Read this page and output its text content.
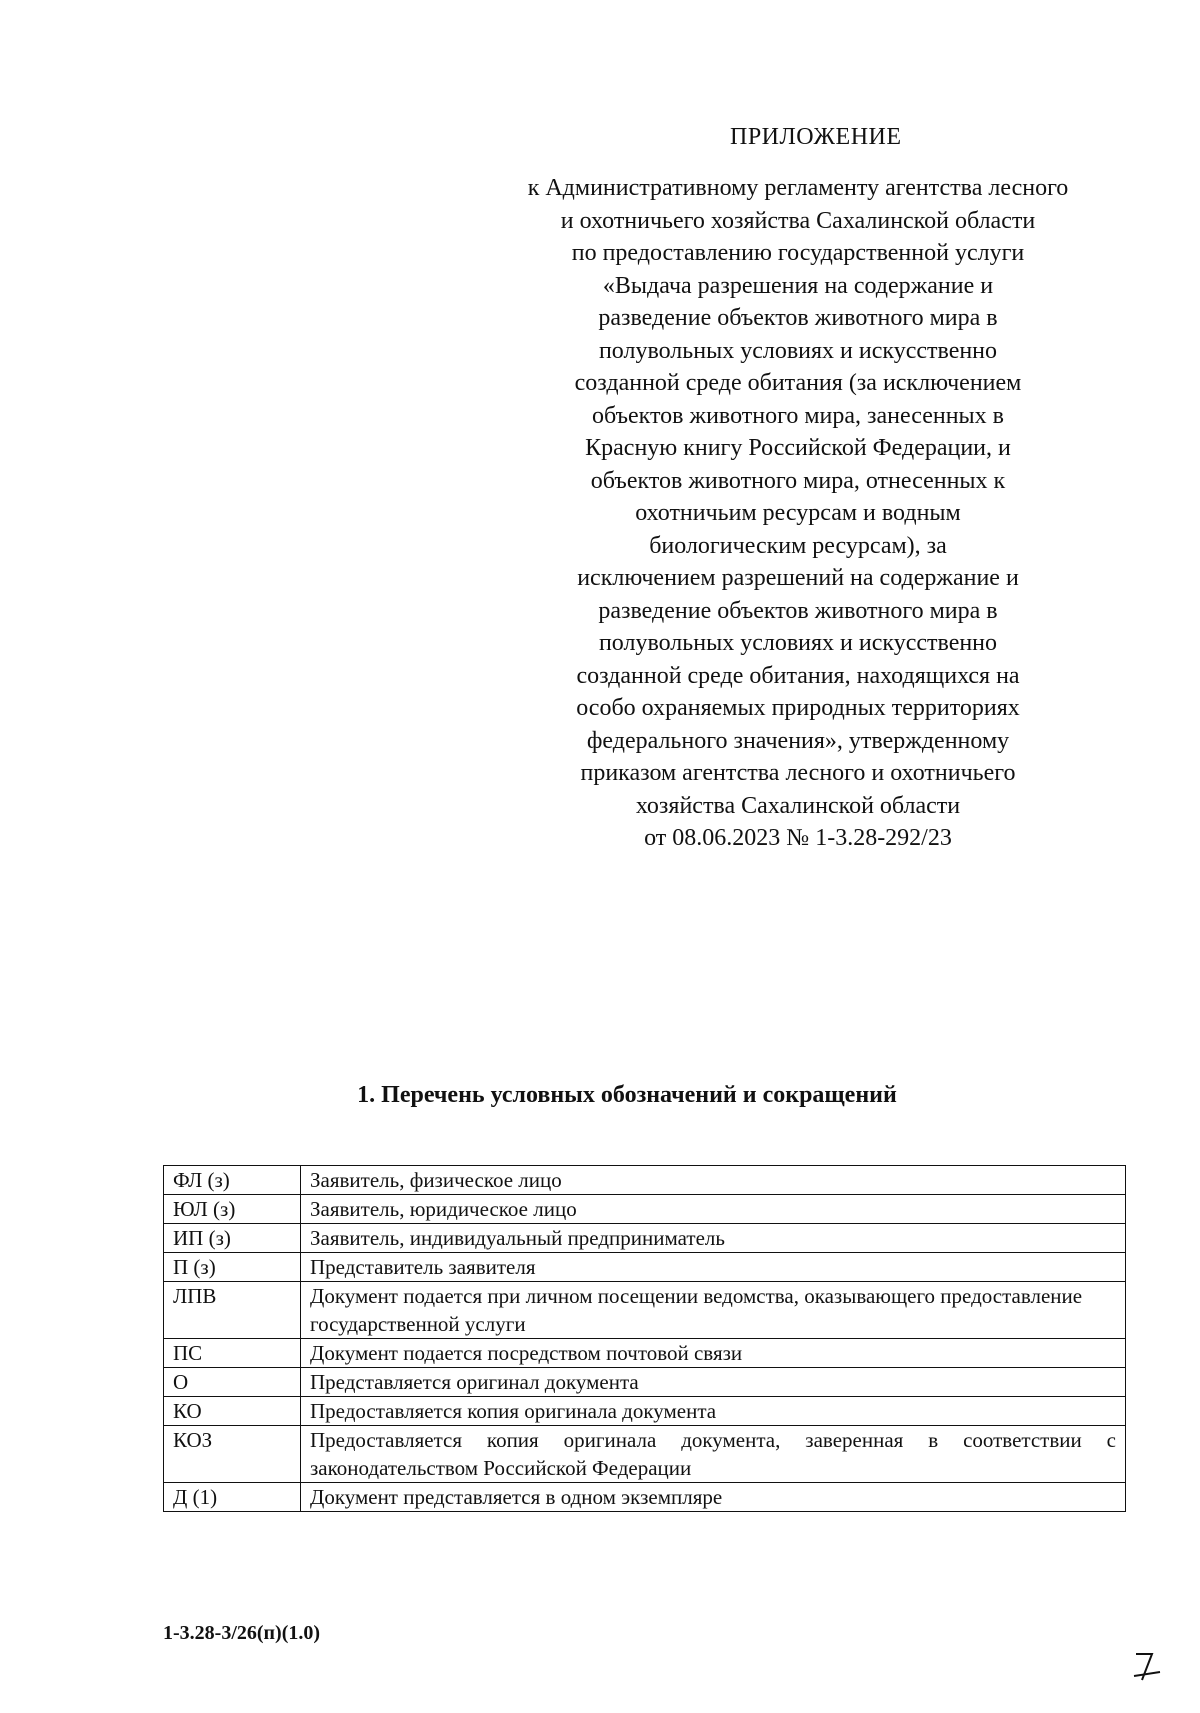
ПРИЛОЖЕНИЕ
к Административному регламенту агентства лесного
и охотничьего хозяйства Сахалинской области
по предоставлению государственной услуги
«Выдача разрешения на содержание и
разведение объектов животного мира в
полувольных условиях и искусственно
созданной среде обитания (за исключением
объектов животного мира, занесенных в
Красную книгу Российской Федерации, и
объектов животного мира, отнесенных к
охотничьим ресурсам и водным
биологическим ресурсам), за
исключением разрешений на содержание и
разведение объектов животного мира в
полувольных условиях и искусственно
созданной среде обитания, находящихся на
особо охраняемых природных территориях
федерального значения», утвержденному
приказом агентства лесного и охотничьего
хозяйства Сахалинской области
от 08.06.2023 № 1-3.28-292/23
1. Перечень условных обозначений и сокращений
ФЛ (з)	Заявитель, физическое лицо
ЮЛ (з)	Заявитель, юридическое лицо
ИП (з)	Заявитель, индивидуальный предприниматель
П (з)	Представитель заявителя
ЛПВ	Документ подается при личном посещении ведомства, оказывающего предоставление государственной услуги
ПС	Документ подается посредством почтовой связи
О	Представляется оригинал документа
КО	Предоставляется копия оригинала документа
КОЗ	Предоставляется копия оригинала документа, заверенная в соответствии с законодательством Российской Федерации
Д (1)	Документ представляется в одном экземпляре
1-3.28-3/26(п)(1.0)
